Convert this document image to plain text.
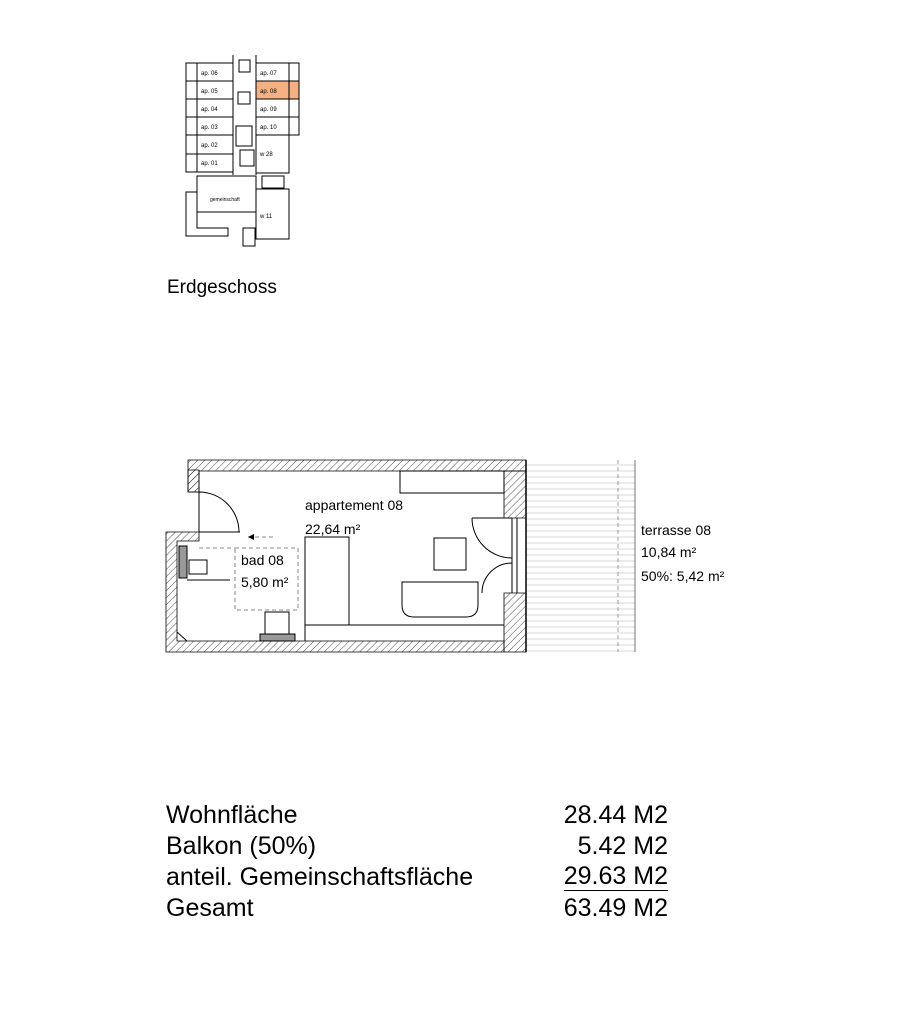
ap. 06
ap. 05
ap. 04
ap. 03
ap. 02
ap. 01
ap. 07
ap. 08
ap. 09
ap. 10
w 28
w 11
gemeinschaft
Erdgeschoss
appartement 08
22,64 m²
bad 08
5,80 m²
terrasse 08
10,84 m²
50%: 5,42 m²
Wohnfläche	28.44 M2
Balkon (50%)	5.42 M2
anteil. Gemeinschaftsfläche	29.63 M2
Gesamt	63.49 M2
